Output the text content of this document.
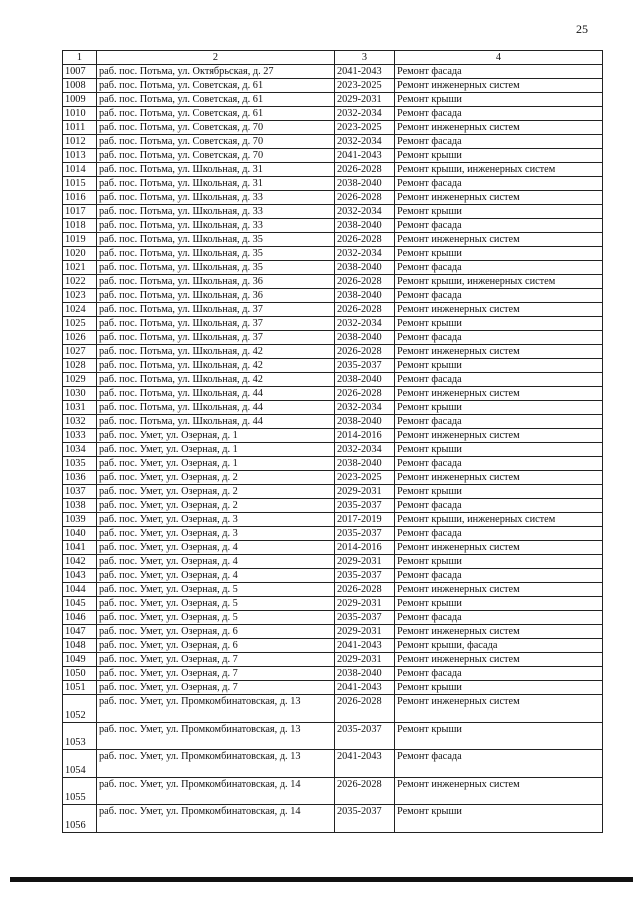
25
1	2	3	4
1007	раб. пос. Потьма, ул. Октябрьская, д. 27	2041-2043	Ремонт фасада
1008	раб. пос. Потьма, ул. Советская, д. 61	2023-2025	Ремонт инженерных систем
1009	раб. пос. Потьма, ул. Советская, д. 61	2029-2031	Ремонт крыши
1010	раб. пос. Потьма, ул. Советская, д. 61	2032-2034	Ремонт фасада
1011	раб. пос. Потьма, ул. Советская, д. 70	2023-2025	Ремонт инженерных систем
1012	раб. пос. Потьма, ул. Советская, д. 70	2032-2034	Ремонт фасада
1013	раб. пос. Потьма, ул. Советская, д. 70	2041-2043	Ремонт крыши
1014	раб. пос. Потьма, ул. Школьная, д. 31	2026-2028	Ремонт крыши, инженерных систем
1015	раб. пос. Потьма, ул. Школьная, д. 31	2038-2040	Ремонт фасада
1016	раб. пос. Потьма, ул. Школьная, д. 33	2026-2028	Ремонт инженерных систем
1017	раб. пос. Потьма, ул. Школьная, д. 33	2032-2034	Ремонт крыши
1018	раб. пос. Потьма, ул. Школьная, д. 33	2038-2040	Ремонт фасада
1019	раб. пос. Потьма, ул. Школьная, д. 35	2026-2028	Ремонт инженерных систем
1020	раб. пос. Потьма, ул. Школьная, д. 35	2032-2034	Ремонт крыши
1021	раб. пос. Потьма, ул. Школьная, д. 35	2038-2040	Ремонт фасада
1022	раб. пос. Потьма, ул. Школьная, д. 36	2026-2028	Ремонт крыши, инженерных систем
1023	раб. пос. Потьма, ул. Школьная, д. 36	2038-2040	Ремонт фасада
1024	раб. пос. Потьма, ул. Школьная, д. 37	2026-2028	Ремонт инженерных систем
1025	раб. пос. Потьма, ул. Школьная, д. 37	2032-2034	Ремонт крыши
1026	раб. пос. Потьма, ул. Школьная, д. 37	2038-2040	Ремонт фасада
1027	раб. пос. Потьма, ул. Школьная, д. 42	2026-2028	Ремонт инженерных систем
1028	раб. пос. Потьма, ул. Школьная, д. 42	2035-2037	Ремонт крыши
1029	раб. пос. Потьма, ул. Школьная, д. 42	2038-2040	Ремонт фасада
1030	раб. пос. Потьма, ул. Школьная, д. 44	2026-2028	Ремонт инженерных систем
1031	раб. пос. Потьма, ул. Школьная, д. 44	2032-2034	Ремонт крыши
1032	раб. пос. Потьма, ул. Школьная, д. 44	2038-2040	Ремонт фасада
1033	раб. пос. Умет, ул. Озерная, д. 1	2014-2016	Ремонт инженерных систем
1034	раб. пос. Умет, ул. Озерная, д. 1	2032-2034	Ремонт крыши
1035	раб. пос. Умет, ул. Озерная, д. 1	2038-2040	Ремонт фасада
1036	раб. пос. Умет, ул. Озерная, д. 2	2023-2025	Ремонт инженерных систем
1037	раб. пос. Умет, ул. Озерная, д. 2	2029-2031	Ремонт крыши
1038	раб. пос. Умет, ул. Озерная, д. 2	2035-2037	Ремонт фасада
1039	раб. пос. Умет, ул. Озерная, д. 3	2017-2019	Ремонт крыши, инженерных систем
1040	раб. пос. Умет, ул. Озерная, д. 3	2035-2037	Ремонт фасада
1041	раб. пос. Умет, ул. Озерная, д. 4	2014-2016	Ремонт инженерных систем
1042	раб. пос. Умет, ул. Озерная, д. 4	2029-2031	Ремонт крыши
1043	раб. пос. Умет, ул. Озерная, д. 4	2035-2037	Ремонт фасада
1044	раб. пос. Умет, ул. Озерная, д. 5	2026-2028	Ремонт инженерных систем
1045	раб. пос. Умет, ул. Озерная, д. 5	2029-2031	Ремонт крыши
1046	раб. пос. Умет, ул. Озерная, д. 5	2035-2037	Ремонт фасада
1047	раб. пос. Умет, ул. Озерная, д. 6	2029-2031	Ремонт инженерных систем
1048	раб. пос. Умет, ул. Озерная, д. 6	2041-2043	Ремонт крыши, фасада
1049	раб. пос. Умет, ул. Озерная, д. 7	2029-2031	Ремонт инженерных систем
1050	раб. пос. Умет, ул. Озерная, д. 7	2038-2040	Ремонт фасада
1051	раб. пос. Умет, ул. Озерная, д. 7	2041-2043	Ремонт крыши
1052	раб. пос. Умет, ул. Промкомбинатовская, д. 13	2026-2028	Ремонт инженерных систем
1053	раб. пос. Умет, ул. Промкомбинатовская, д. 13	2035-2037	Ремонт крыши
1054	раб. пос. Умет, ул. Промкомбинатовская, д. 13	2041-2043	Ремонт фасада
1055	раб. пос. Умет, ул. Промкомбинатовская, д. 14	2026-2028	Ремонт инженерных систем
1056	раб. пос. Умет, ул. Промкомбинатовская, д. 14	2035-2037	Ремонт крыши
